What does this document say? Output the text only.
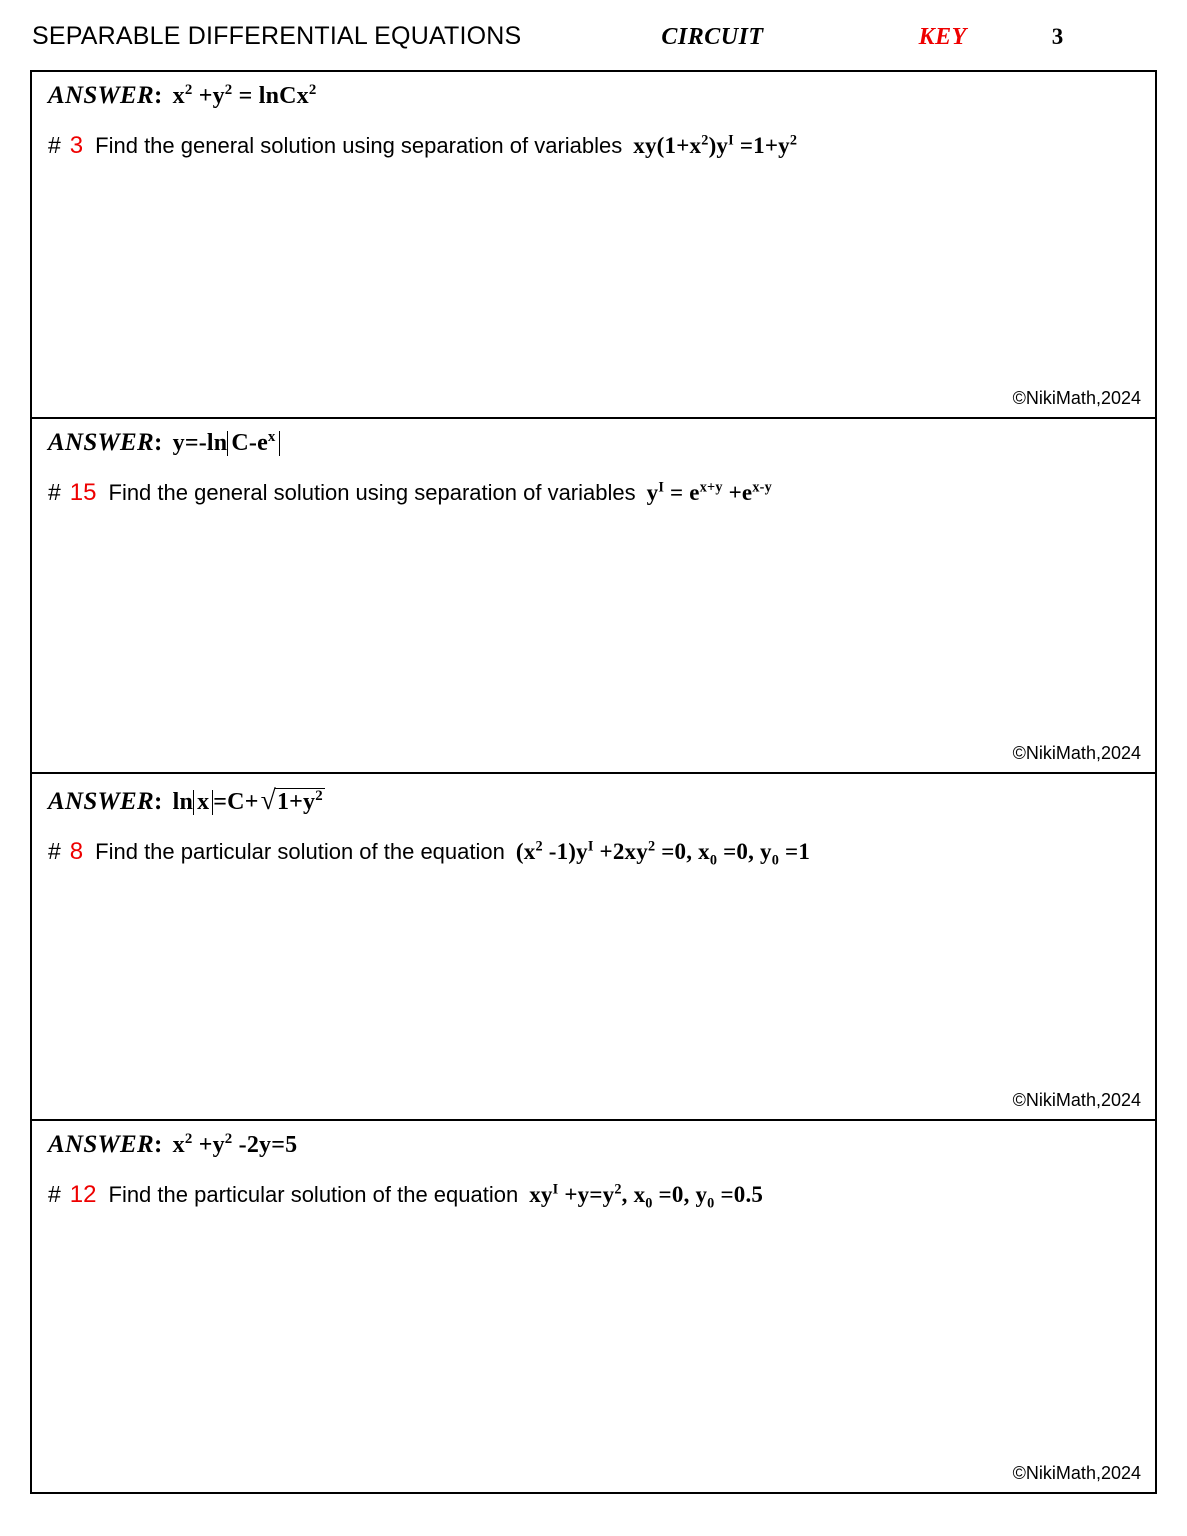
SEPARABLE DIFFERENTIAL EQUATIONS	CIRCUIT	KEY	3
ANSWER: $x^2 +y^2$ = lnCx$^2$
# 3 Find the general solution using separation of variables $xy(1+x^2)y^I =1+y^2$
©NikiMath,2024
ANSWER: y=-ln $C-e^x$
# 15 Find the general solution using separation of variables $y^I = e^{x+y} +e^{x-y}$
©NikiMath,2024
ANSWER: $\ln x =C+√1+y^2$
# 8 Find the particular solution of the equation ($x^2$ $-1)y^I +2xy^2 =0$, $x_0 =0$, $y_0 =1$
©NikiMath,2024
ANSWER: $x^2 +y^2$ -2y=5
# 12 Find the particular solution of the equation $xy^I +y=y^2$, $x_0 =0$, $y_0 =0.5$
©NikiMath,2024
